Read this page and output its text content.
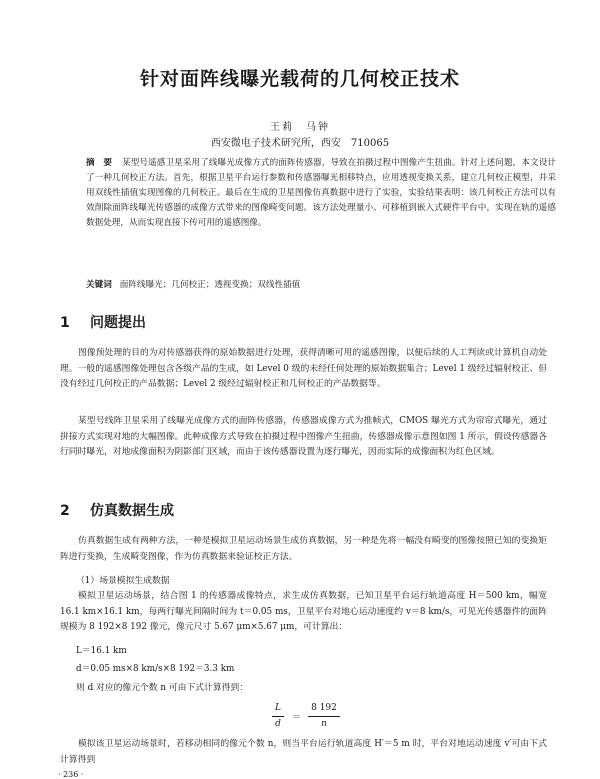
针对面阵线曝光载荷的几何校正技术
王莉　马钟
西安微电子技术研究所，西安　710065
摘　要 某型号遥感卫星采用了线曝光成像方式的面阵传感器，导致在拍摄过程中图像产生扭曲。针对上述问题，本文设计了一种几何校正方法。首先，根据卫星平台运行参数和传感器曝光相移特点，应用透视变换关系，建立几何校正模型，并采用双线性插值实现图像的几何校正。最后在生成的卫星图像仿真数据中进行了实验，实验结果表明：该几何校正方法可以有效削除面阵线曝光传感器的成像方式带来的图像畸变问题。该方法处理量小、可移植到嵌入式硬件平台中，实现在轨的遥感数据处理，从而实现直接下传可用的遥感图像。
关键词 面阵线曝光；几何校正；透视变换；双线性插值
1 问题提出
图像预处理的目的为对传感器获得的原始数据进行处理，获得清晰可用的遥感图像，以便后续的人工判读或计算机自动处理。一般的遥感图像处理包含各级产品的生成，如 Level 0 级的未经任何处理的原始数据集合；Level 1 级经过辐射校正、但没有经过几何校正的产品数据；Level 2 级经过辐射校正和几何校正的产品数据等。
某型号线阵卫星采用了线曝光成像方式的面阵传感器，传感器成像方式为推帧式，CMOS 曝光方式为帘帘式曝光，通过拼接方式实现对地的大幅图像。此种成像方式导致在拍摄过程中图像产生扭曲，传感器成像示意图如图 1 所示，假设传感器各行同时曝光，对地成像面积为阴影部门区域，而由于该传感器设置为逐行曝光，因而实际的成像面积为红色区域。
2 仿真数据生成
仿真数据生成有两种方法，一种是模拟卫星运动场景生成仿真数据，另一种是先将一幅没有畸变的图像按照已知的变换矩阵进行变换，生成畸变图像，作为仿真数据来验证校正方法。
（1）场景模拟生成数据
模拟卫星运动场景，结合图 1 的传感器成像特点，求生成仿真数据，已知卫星平台运行轨道高度 H＝500 km，幅宽 16.1 km×16.1 km，每两行曝光间隔时间为 t＝0.05 ms，卫星平台对地心运动速度约 v＝8 km/s，可见光传感器件的面阵规模为 8 192×8 192 像元，像元尺寸 5.67 μm×5.67 μm，可计算出：
L＝16.1 km
d＝0.05 ms×8 km/s×8 192＝3.3 km
则 d 对应的像元个数 n 可由下式计算得到：
L
d
＝
8 192
n
模拟该卫星运动场景时，若移动相同的像元个数 n，则当平台运行轨道高度 H′＝5 m 时，平台对地运动速度 v′可由下式计算得到
· 236 ·
